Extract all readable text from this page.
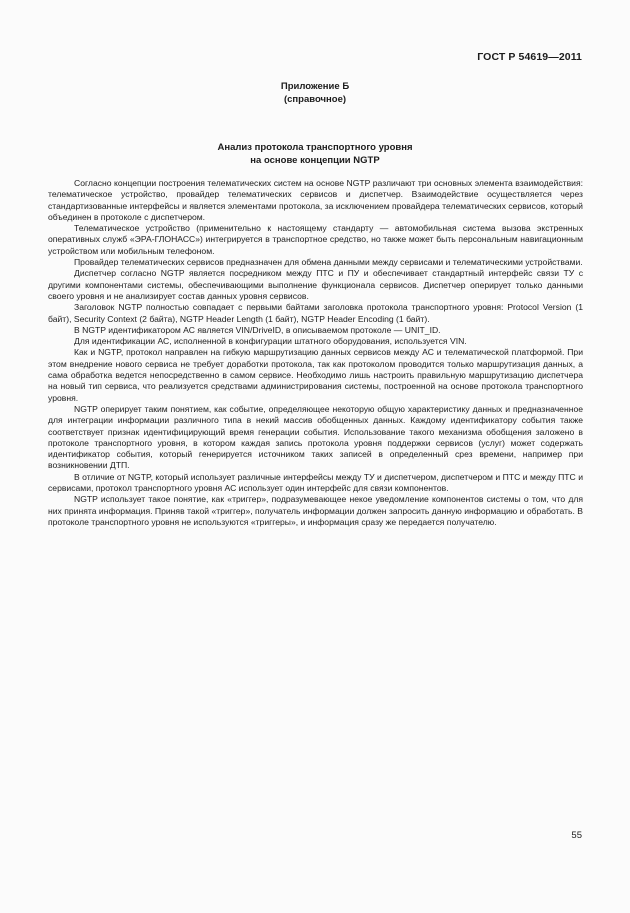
ГОСТ Р 54619—2011
Приложение Б
(справочное)
Анализ протокола транспортного уровня
на основе концепции NGTP

Согласно концепции построения телематических систем на основе NGTP различают три основных элемента взаимодействия: телематическое устройство, провайдер телематических сервисов и диспетчер. Взаимодействие осуществляется через стандартизованные интерфейсы и является элементами протокола, за исключением провайдера телематических сервисов, который объединен в протоколе с диспетчером.

Телематическое устройство (применительно к настоящему стандарту — автомобильная система вызова экстренных оперативных служб «ЭРА-ГЛОНАСС») интегрируется в транспортное средство, но также может быть персональным навигационным устройством или мобильным телефоном.

Провайдер телематических сервисов предназначен для обмена данными между сервисами и телематическими устройствами.

Диспетчер согласно NGTP является посредником между ПТС и ПУ и обеспечивает стандартный интерфейс связи ТУ с другими компонентами системы, обеспечивающими выполнение функционала сервисов. Диспетчер оперирует только данными своего уровня и не анализирует состав данных уровня сервисов.

Заголовок NGTP полностью совпадает с первыми байтами заголовка протокола транспортного уровня: Protocol Version (1 байт), Security Context (2 байта), NGTP Header Length (1 байт), NGTP Header Encoding (1 байт).

В NGTP идентификатором АС является VIN/DriveID, в описываемом протоколе — UNIT_ID.

Для идентификации АС, исполненной в конфигурации штатного оборудования, используется VIN.

Как и NGTP, протокол направлен на гибкую маршрутизацию данных сервисов между АС и телематической платформой. При этом внедрение нового сервиса не требует доработки протокола, так как протоколом проводится только маршрутизация данных, а сама обработка ведется непосредственно в самом сервисе. Необходимо лишь настроить правильную маршрутизацию диспетчера на новый тип сервиса, что реализуется средствами администрирования системы, построенной на основе протокола транспортного уровня.

NGTP оперирует таким понятием, как событие, определяющее некоторую общую характеристику данных и предназначенное для интеграции информации различного типа в некий массив обобщенных данных. Каждому идентификатору события также соответствует признак идентифицирующий время генерации события. Использование такого механизма обобщения заложено в протоколе транспортного уровня, в котором каждая запись протокола уровня поддержки сервисов (услуг) может содержать идентификатор события, который генерируется источником таких записей в определенный срез времени, например при возникновении ДТП.

В отличие от NGTP, который использует различные интерфейсы между ТУ и диспетчером, диспетчером и ПТС и между ПТС и сервисами, протокол транспортного уровня АС использует один интерфейс для связи компонентов.

NGTP использует такое понятие, как «триггер», подразумевающее некое уведомление компонентов системы о том, что для них принята информация. Приняв такой «триггер», получатель информации должен запросить данную информацию и обработать. В протоколе транспортного уровня не используются «триггеры», и информация сразу же передается получателю.

55
